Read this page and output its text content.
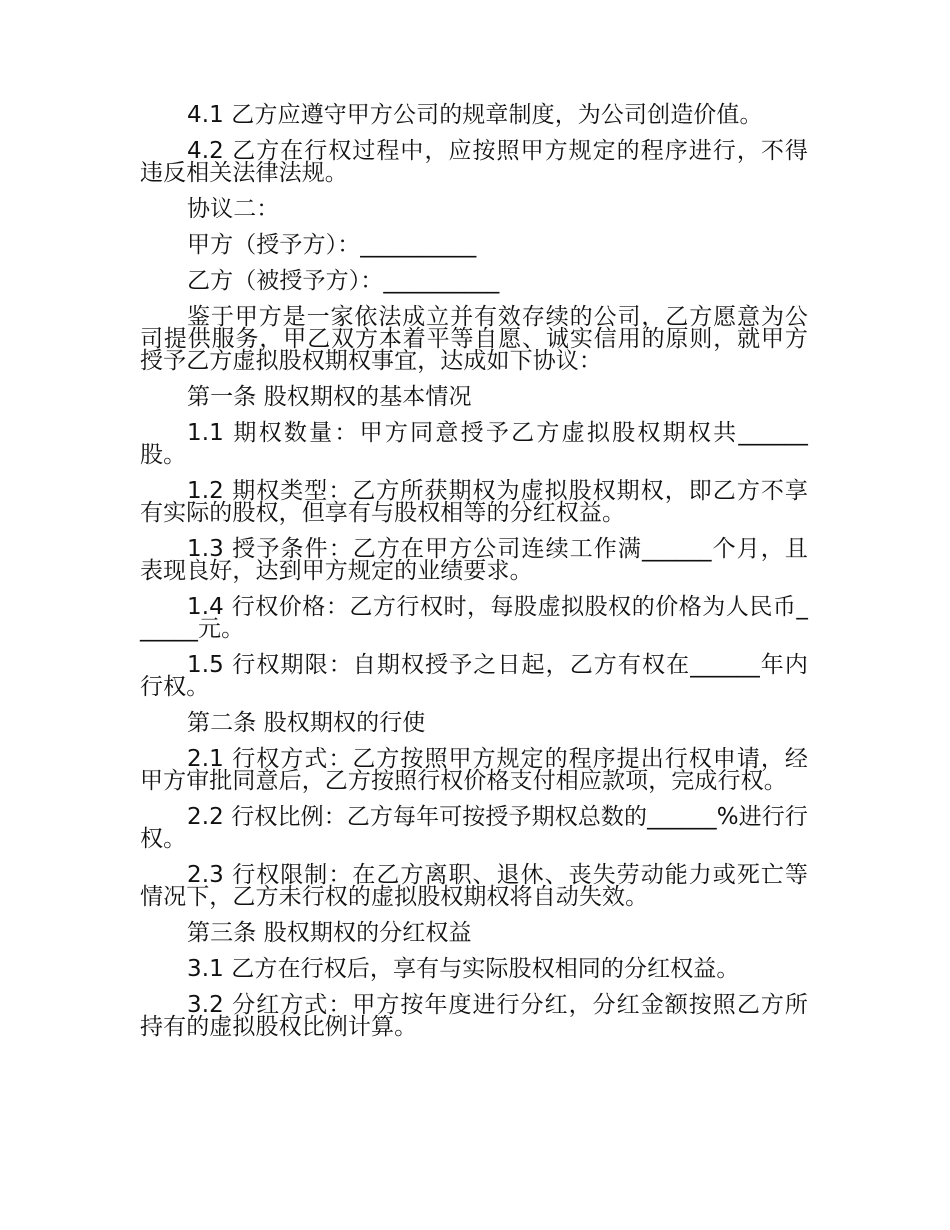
4.1 乙方应遵守甲方公司的规章制度，为公司创造价值。

4.2 乙方在行权过程中，应按照甲方规定的程序进行，不得违反相关法律法规。

协议二：

甲方（授予方）：__________

乙方（被授予方）：__________

鉴于甲方是一家依法成立并有效存续的公司，乙方愿意为公司提供服务，甲乙双方本着平等自愿、诚实信用的原则，就甲方授予乙方虚拟股权期权事宜，达成如下协议：

第一条 股权期权的基本情况

1.1 期权数量：甲方同意授予乙方虚拟股权期权共______股。

1.2 期权类型：乙方所获期权为虚拟股权期权，即乙方不享有实际的股权，但享有与股权相等的分红权益。

1.3 授予条件：乙方在甲方公司连续工作满______个月，且表现良好，达到甲方规定的业绩要求。

1.4 行权价格：乙方行权时，每股虚拟股权的价格为人民币______元。

1.5 行权期限：自期权授予之日起，乙方有权在______年内行权。

第二条 股权期权的行使

2.1 行权方式：乙方按照甲方规定的程序提出行权申请，经甲方审批同意后，乙方按照行权价格支付相应款项，完成行权。

2.2 行权比例：乙方每年可按授予期权总数的______%进行行权。

2.3 行权限制：在乙方离职、退休、丧失劳动能力或死亡等情况下，乙方未行权的虚拟股权期权将自动失效。

第三条 股权期权的分红权益

3.1 乙方在行权后，享有与实际股权相同的分红权益。

3.2 分红方式：甲方按年度进行分红，分红金额按照乙方所持有的虚拟股权比例计算。
